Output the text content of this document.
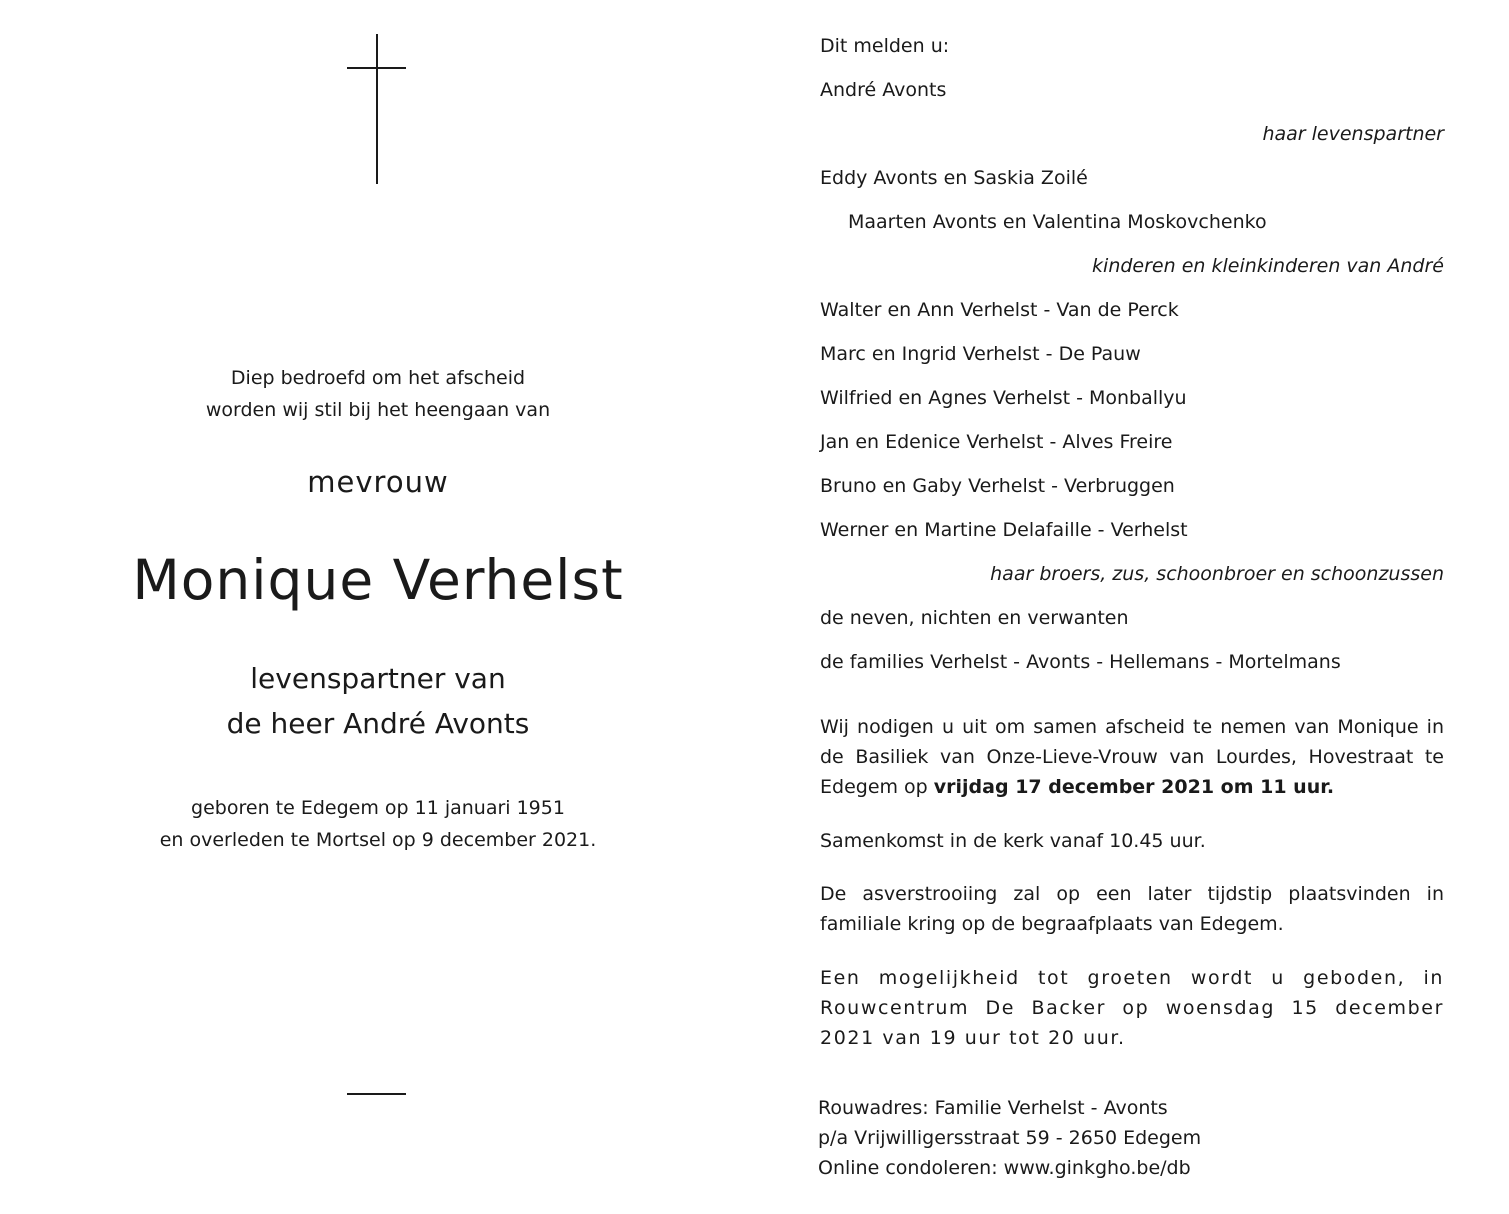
Diep bedroefd om het afscheid
worden wij stil bij het heengaan van
mevrouw
Monique Verhelst
levenspartner van
de heer André Avonts
geboren te Edegem op 11 januari 1951
en overleden te Mortsel op 9 december 2021.
Dit melden u:
André Avonts
haar levenspartner
Eddy Avonts en Saskia Zoilé
Maarten Avonts en Valentina Moskovchenko
kinderen en kleinkinderen van André
Walter en Ann Verhelst - Van de Perck
Marc en Ingrid Verhelst - De Pauw
Wilfried en Agnes Verhelst - Monballyu
Jan en Edenice Verhelst - Alves Freire
Bruno en Gaby Verhelst - Verbruggen
Werner en Martine Delafaille - Verhelst
haar broers, zus, schoonbroer en schoonzussen
de neven, nichten en verwanten
de families Verhelst - Avonts - Hellemans - Mortelmans
Wij nodigen u uit om samen afscheid te nemen van Monique in de Basiliek van Onze-Lieve-Vrouw van Lourdes, Hovestraat te Edegem op vrijdag 17 december 2021 om 11 uur.
Samenkomst in de kerk vanaf 10.45 uur.
De asverstrooiing zal op een later tijdstip plaatsvinden in familiale kring op de begraafplaats van Edegem.
Een mogelijkheid tot groeten wordt u geboden, in Rouwcentrum De Backer op woensdag 15 december 2021 van 19 uur tot 20 uur.
Rouwadres: Familie Verhelst - Avonts
p/a Vrijwilligersstraat 59 - 2650 Edegem
Online condoleren: www.ginkgho.be/db
